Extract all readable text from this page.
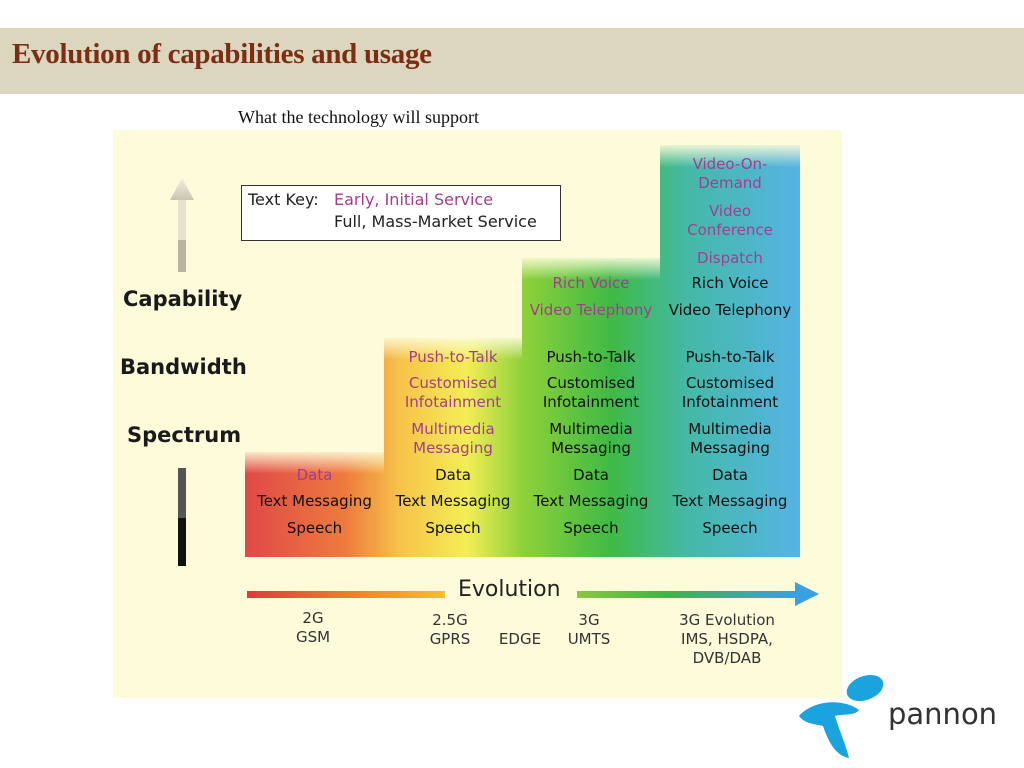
Evolution of capabilities and usage
What the technology will support
Capability
Bandwidth
Spectrum
Text Key: Early, Initial Service
Full, Mass-Market Service
Data
Text Messaging
Speech
Push-to-Talk
Customised Infotainment
Multimedia Messaging
Data
Text Messaging
Speech
Rich Voice
Video Telephony
Push-to-Talk
Customised Infotainment
Multimedia Messaging
Data
Text Messaging
Speech
Video-On-Demand
Video Conference
Dispatch
Rich Voice
Video Telephony
Push-to-Talk
Customised Infotainment
Multimedia Messaging
Data
Text Messaging
Speech
Evolution
2G
GSM
2.5G
GPRS	EDGE
3G
UMTS
3G Evolution
IMS, HSDPA,
DVB/DAB
pannon
